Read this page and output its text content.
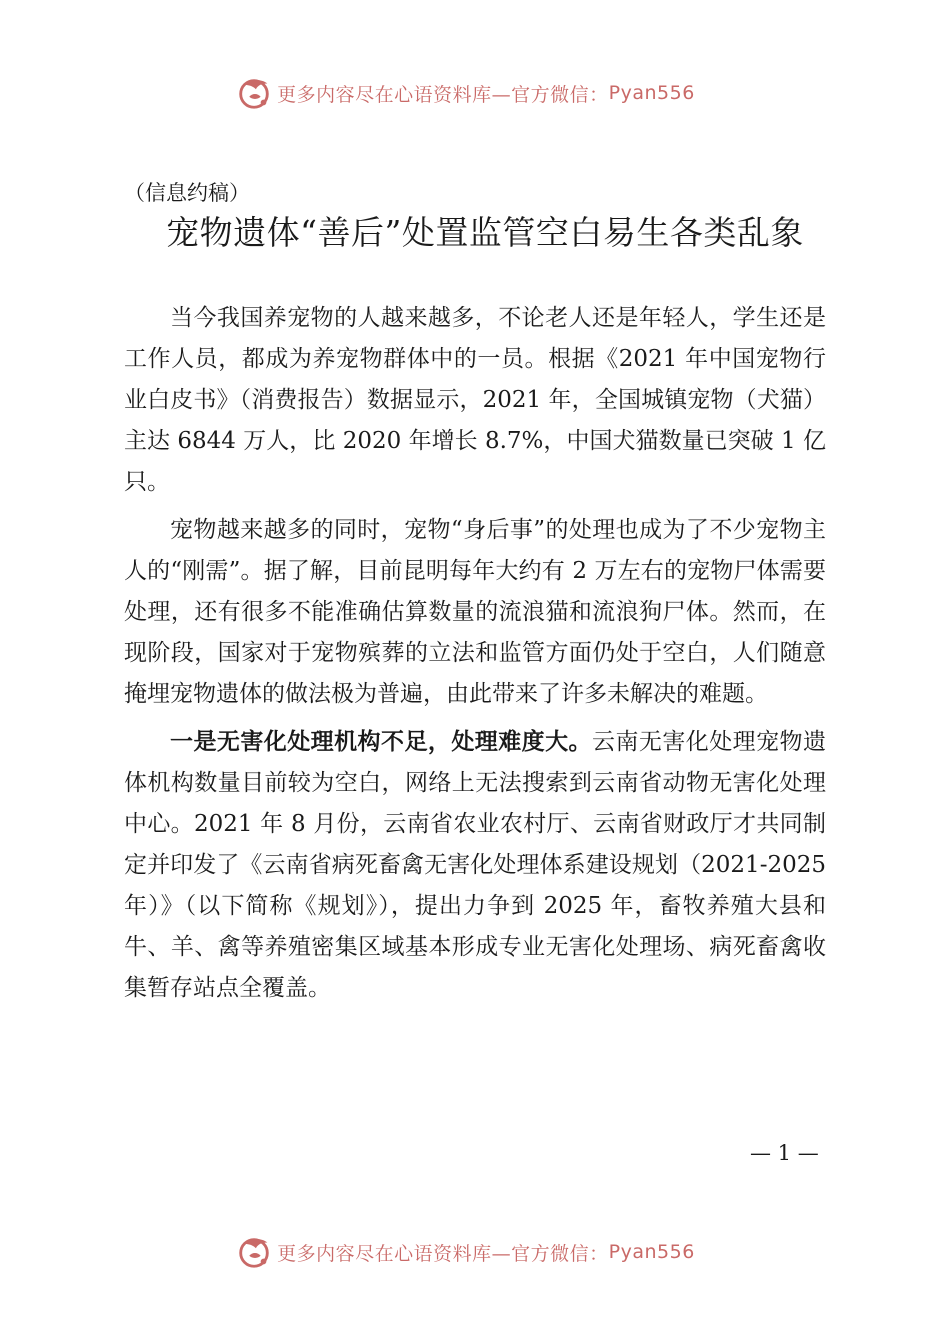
更多内容尽在心语资料库—官方微信： Pyan556

（信息约稿）

宠物遗体“善后”处置监管空白易生各类乱象

当今我国养宠物的人越来越多，不论老人还是年轻人，学生还是工作人员，都成为养宠物群体中的一员。根据《2021 年中国宠物行业白皮书》（消费报告）数据显示，2021 年，全国城镇宠物（犬猫）主达 6844 万人，比 2020 年增长 8.7%，中国犬猫数量已突破 1 亿只。

宠物越来越多的同时，宠物“身后事”的处理也成为了不少宠物主人的“刚需”。据了解，目前昆明每年大约有 2 万左右的宠物尸体需要处理，还有很多不能准确估算数量的流浪猫和流浪狗尸体。然而，在现阶段，国家对于宠物殡葬的立法和监管方面仍处于空白，人们随意掩埋宠物遗体的做法极为普遍，由此带来了许多未解决的难题。

一是无害化处理机构不足，处理难度大。云南无害化处理宠物遗体机构数量目前较为空白，网络上无法搜索到云南省动物无害化处理中心。2021 年 8 月份，云南省农业农村厅、云南省财政厅才共同制定并印发了《云南省病死畜禽无害化处理体系建设规划（2021-2025 年）》（以下简称《规划》），提出力争到 2025 年，畜牧养殖大县和牛、羊、禽等养殖密集区域基本形成专业无害化处理场、病死畜禽收集暂存站点全覆盖。

— 1 —
更多内容尽在心语资料库—官方微信： Pyan556
